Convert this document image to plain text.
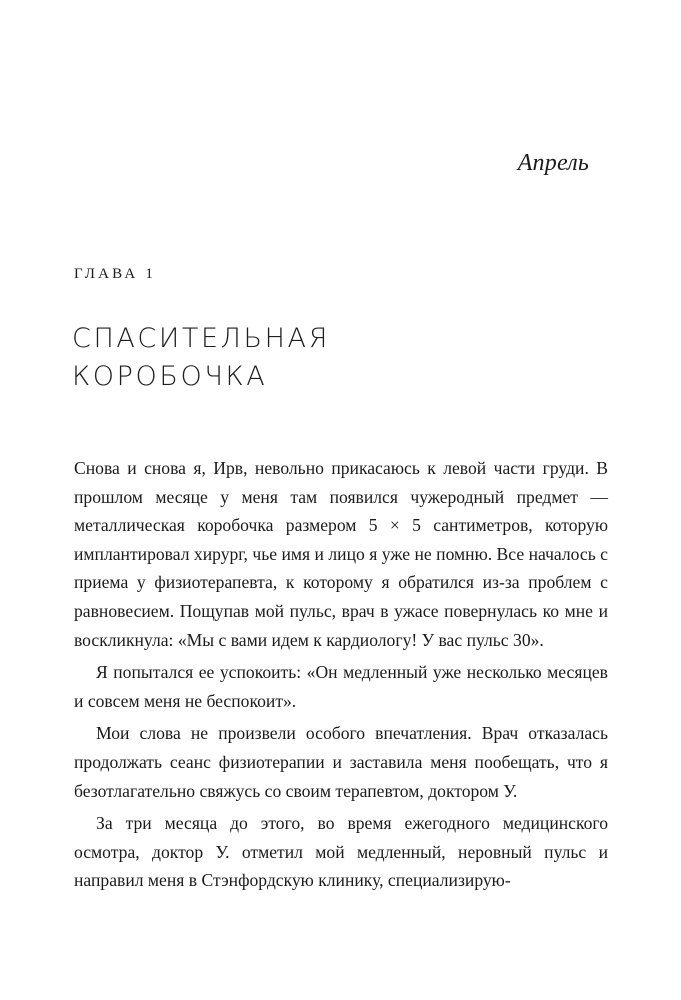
Апрель
ГЛАВА 1
СПАСИТЕЛЬНАЯ
КОРОБОЧКА

Снова и снова я, Ирв, невольно прикасаюсь к левой части груди. В прошлом месяце у меня там появился чужеродный предмет — металлическая коробочка размером 5 × 5 сантиметров, которую имплантировал хирург, чье имя и лицо я уже не помню. Все началось с приема у физиотерапевта, к которому я обратился из-за проблем с равновесием. Пощупав мой пульс, врач в ужасе повернулась ко мне и воскликнула: «Мы с вами идем к кардиологу! У вас пульс 30».

Я попытался ее успокоить: «Он медленный уже несколько месяцев и совсем меня не беспокоит».

Мои слова не произвели особого впечатления. Врач отказалась продолжать сеанс физиотерапии и заставила меня пообещать, что я безотлагательно свяжусь со своим терапевтом, доктором У.

За три месяца до этого, во время ежегодного медицинского осмотра, доктор У. отметил мой медленный, неровный пульс и направил меня в Стэнфордскую клинику, специализирую-
